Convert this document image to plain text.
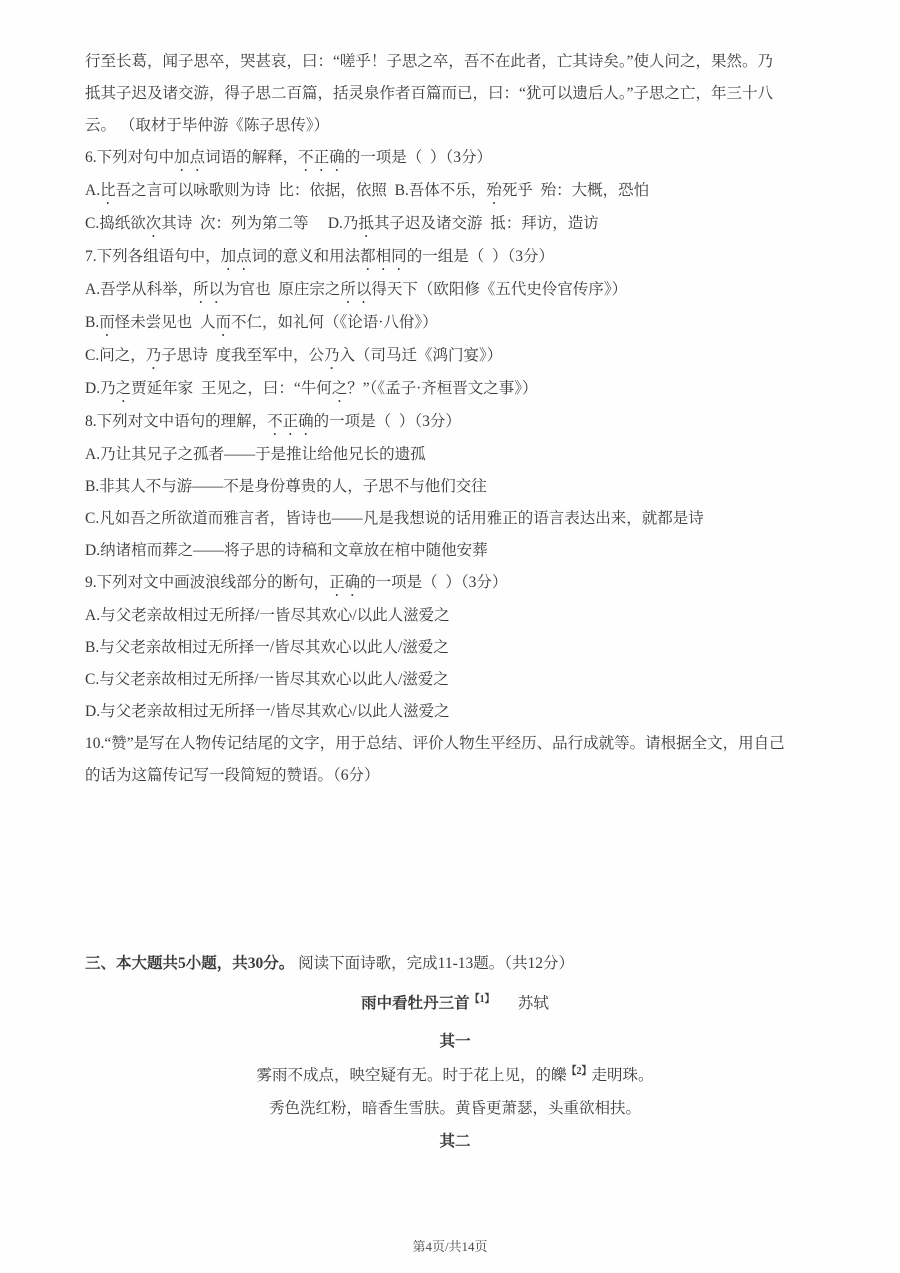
行至长葛，闻子思卒，哭甚哀，曰：“嗟乎！子思之卒，吾不在此者，亡其诗矣。”使人问之，果然。乃
抵其子迟及诸交游，得子思二百篇，括灵泉作者百篇而已，曰：“犹可以遗后人。”子思之亡，年三十八
云。 （取材于毕仲游《陈子思传》）
6.下列对句中加点词语的解释，不正确的一项是（  ）（3分）
A.比吾之言可以咏歌则为诗  比：依据，依照  B.吾体不乐，殆死乎  殆：大概，恐怕
C.捣纸欲次其诗  次：列为第二等     D.乃抵其子迟及诸交游  抵：拜访，造访
7.下列各组语句中，加点词的意义和用法都相同的一组是（  ）（3分）
A.吾学从科举，所以为官也  原庄宗之所以得天下（欧阳修《五代史伶官传序》）
B.而怪未尝见也  人而不仁，如礼何（《论语·八佾》）
C.问之，乃子思诗  度我至军中，公乃入（司马迁《鸿门宴》）
D.乃之贾延年家  王见之，曰：“牛何之？”（《孟子·齐桓晋文之事》）
8.下列对文中语句的理解，不正确的一项是（  ）（3分）
A.乃让其兄子之孤者——于是推让给他兄长的遗孤
B.非其人不与游——不是身份尊贵的人，子思不与他们交往
C.凡如吾之所欲道而雅言者，皆诗也——凡是我想说的话用雅正的语言表达出来，就都是诗
D.纳诸棺而葬之——将子思的诗稿和文章放在棺中随他安葬
9.下列对文中画波浪线部分的断句，正确的一项是（  ）（3分）
A.与父老亲故相过无所择/一皆尽其欢心/以此人滋爱之
B.与父老亲故相过无所择一/皆尽其欢心以此人/滋爱之
C.与父老亲故相过无所择/一皆尽其欢心以此人/滋爱之
D.与父老亲故相过无所择一/皆尽其欢心/以此人滋爱之
10.“赞”是写在人物传记结尾的文字，用于总结、评价人物生平经历、品行成就等。请根据全文，用自己
的话为这篇传记写一段简短的赞语。（6分）
三、本大题共5小题，共30分。 阅读下面诗歌，完成11-13题。（共12分）
雨中看牡丹三首$^{【1】}$      苏轼
其一
雾雨不成点，映空疑有无。时于花上见，的皪$^{【2】}$走明珠。
秀色洗红粉，暗香生雪肤。黄昏更萧瑟，头重欲相扶。
其二
第4页/共14页
